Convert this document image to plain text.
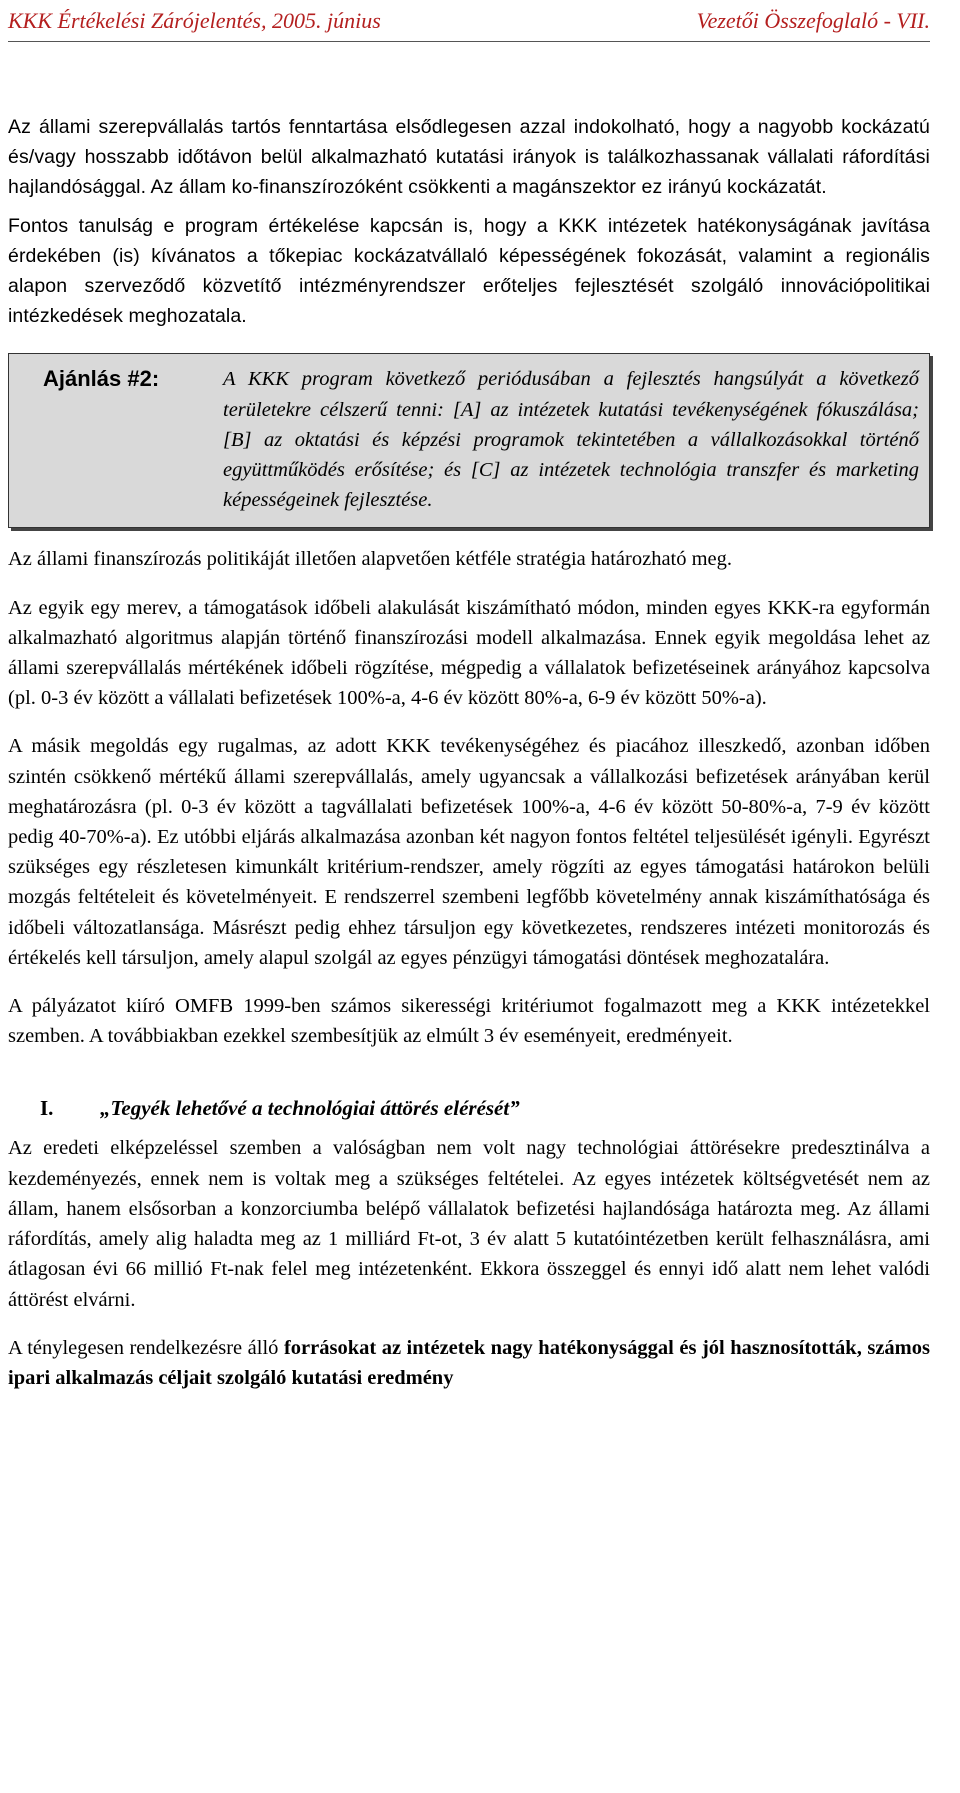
KKK Értékelési Zárójelentés, 2005. június	Vezetői Összefoglaló - VII.

Az állami szerepvállalás tartós fenntartása elsődlegesen azzal indokolható, hogy a nagyobb kockázatú és/vagy hosszabb időtávon belül alkalmazható kutatási irányok is találkozhassanak vállalati ráfordítási hajlandósággal. Az állam ko-finanszírozóként csökkenti a magánszektor ez irányú kockázatát.

Fontos tanulság e program értékelése kapcsán is, hogy a KKK intézetek hatékonyságának javítása érdekében (is) kívánatos a tőkepiac kockázatvállaló képességének fokozását, valamint a regionális alapon szerveződő közvetítő intézményrendszer erőteljes fejlesztését szolgáló innovációpolitikai intézkedések meghozatala.

Ajánlás #2:	A KKK program következő periódusában a fejlesztés hangsúlyát a következő területekre célszerű tenni: [A] az intézetek kutatási tevékenységének fókuszálása; [B] az oktatási és képzési programok tekintetében a vállalkozásokkal történő együttműködés erősítése; és [C] az intézetek technológia transzfer és marketing képességeinek fejlesztése.

Az állami finanszírozás politikáját illetően alapvetően kétféle stratégia határozható meg.

Az egyik egy merev, a támogatások időbeli alakulását kiszámítható módon, minden egyes KKK-ra egyformán alkalmazható algoritmus alapján történő finanszírozási modell alkalmazása. Ennek egyik megoldása lehet az állami szerepvállalás mértékének időbeli rögzítése, mégpedig a vállalatok befizetéseinek arányához kapcsolva (pl. 0-3 év között a vállalati befizetések 100%-a, 4-6 év között 80%-a, 6-9 év között 50%-a).

A másik megoldás egy rugalmas, az adott KKK tevékenységéhez és piacához illeszkedő, azonban időben szintén csökkenő mértékű állami szerepvállalás, amely ugyancsak a vállalkozási befizetések arányában kerül meghatározásra (pl. 0-3 év között a tagvállalati befizetések 100%-a, 4-6 év között 50-80%-a, 7-9 év között pedig 40-70%-a). Ez utóbbi eljárás alkalmazása azonban két nagyon fontos feltétel teljesülését igényli. Egyrészt szükséges egy részletesen kimunkált kritérium-rendszer, amely rögzíti az egyes támogatási határokon belüli mozgás feltételeit és követelményeit. E rendszerrel szembeni legfőbb követelmény annak kiszámíthatósága és időbeli változatlansága. Másrészt pedig ehhez társuljon egy következetes, rendszeres intézeti monitorozás és értékelés kell társuljon, amely alapul szolgál az egyes pénzügyi támogatási döntések meghozatalára.

A pályázatot kiíró OMFB 1999-ben számos sikerességi kritériumot fogalmazott meg a KKK intézetekkel szemben. A továbbiakban ezekkel szembesítjük az elmúlt 3 év eseményeit, eredményeit.

I.	„Tegyék lehetővé a technológiai áttörés elérését”

Az eredeti elképzeléssel szemben a valóságban nem volt nagy technológiai áttörésekre predesztinálva a kezdeményezés, ennek nem is voltak meg a szükséges feltételei. Az egyes intézetek költségvetését nem az állam, hanem elsősorban a konzorciumba belépő vállalatok befizetési hajlandósága határozta meg. Az állami ráfordítás, amely alig haladta meg az 1 milliárd Ft-ot, 3 év alatt 5 kutatóintézetben került felhasználásra, ami átlagosan évi 66 millió Ft-nak felel meg intézetenként. Ekkora összeggel és ennyi idő alatt nem lehet valódi áttörést elvárni.

A ténylegesen rendelkezésre álló forrásokat az intézetek nagy hatékonysággal és jól hasznosították, számos ipari alkalmazás céljait szolgáló kutatási eredmény
